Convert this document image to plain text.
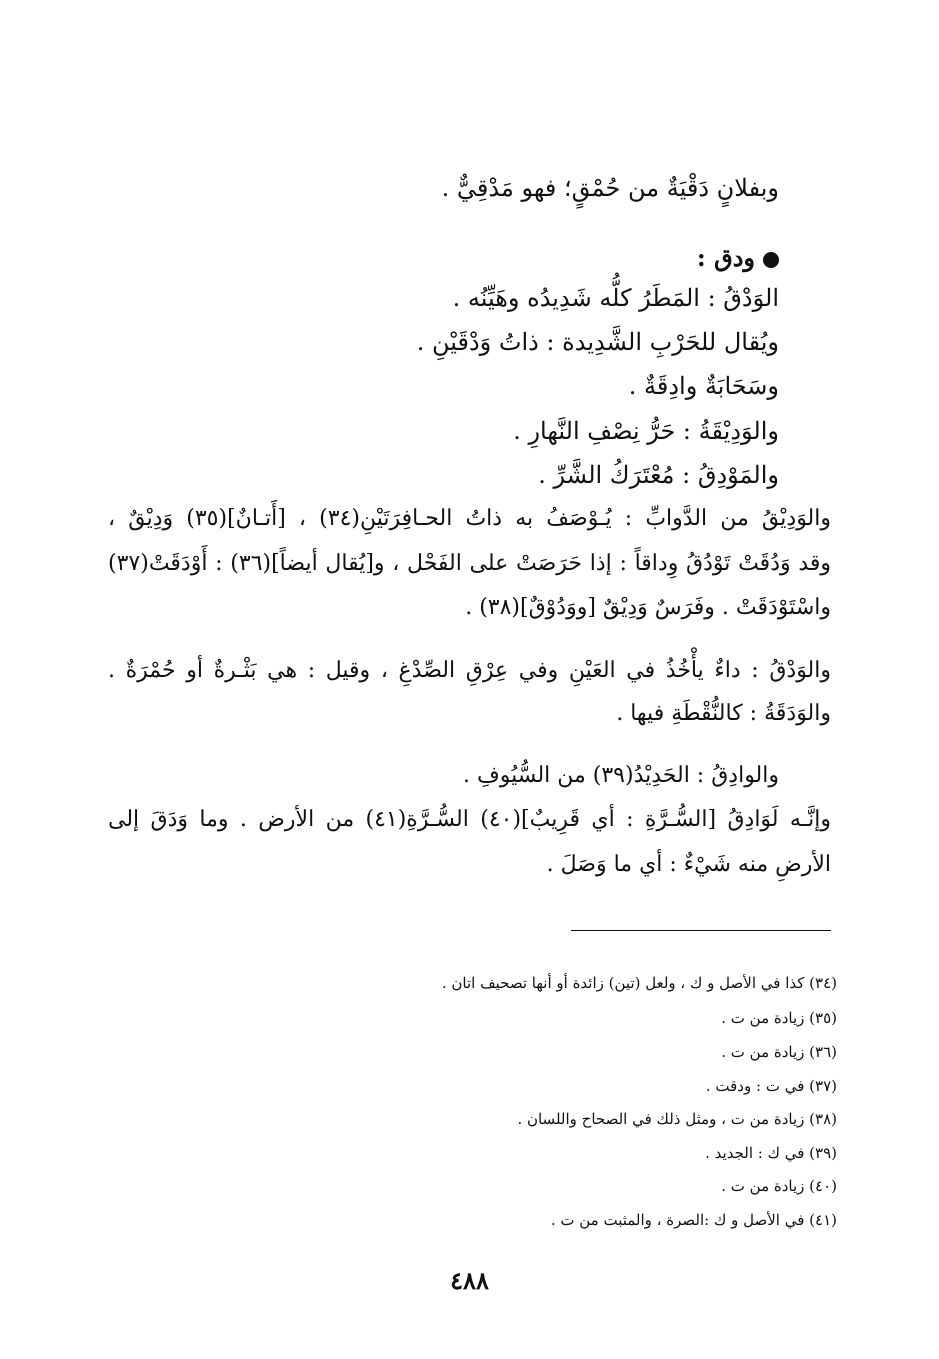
وبفلانٍ دَقْيَةٌ من حُمْقٍ؛ فهو مَدْقِيٌّ .
ودق :
الوَدْقُ : المَطَرُ كلُّه شَدِيدُه وهَيِّنُه .
ويُقال للحَرْبِ الشَّدِيدة : ذاتُ وَدْقَيْنِ .
وسَحَابَةٌ وادِقَةٌ .
والوَدِيْقَةُ : حَرُّ نِصْفِ النَّهارِ .
والمَوْدِقُ : مُعْتَرَكُ الشَّرِّ .
والوَدِيْقُ من الدَّوابِّ : يُـوْصَفُ به ذاتُ الحـافِرَتَيْنِ(٣٤) ، [أَتـانٌ](٣٥) وَدِيْقٌ ،
وقد وَدُقَتْ تَوْدُقُ وِداقاً : إذا حَرَصَتْ على الفَحْل ، و[يُقال أيضاً](٣٦) : أَوْدَقَتْ(٣٧)
واسْتَوْدَقَتْ . وفَرَسٌ وَدِيْقٌ [ووَدُوْقٌ](٣٨) .
والوَدْقُ : داءٌ يأْخُذُ في العَيْنِ وفي عِرْقِ الصِّدْغِ ، وقيل : هي بَثْـرةٌ أو حُمْرَةٌ .
والوَدَقَةُ : كالنُّقْطَةِ فيها .
والوادِقُ : الحَدِيْدُ(٣٩) من السُّيُوفِ .
وإنَّـه لَوَادِقُ [السُّـرَّةِ : أي قَرِيبٌ](٤٠) السُّـرَّةِ(٤١) من الأرض . وما وَدَقَ إلى
الأرضِ منه شَيْءٌ : أي ما وَصَلَ .
(٣٤) كذا في الأصل و ك ، ولعل (تين) زائدة أو أنها تصحيف اتان .
(٣٥) زيادة من ت .
(٣٦) زيادة من ت .
(٣٧) في ت : ودقت .
(٣٨) زيادة من ت ، ومثل ذلك في الصحاح واللسان .
(٣٩) في ك : الجديد .
(٤٠) زيادة من ت .
(٤١) في الأصل و ك :الصرة ، والمثبت من ت .
٤٨٨
